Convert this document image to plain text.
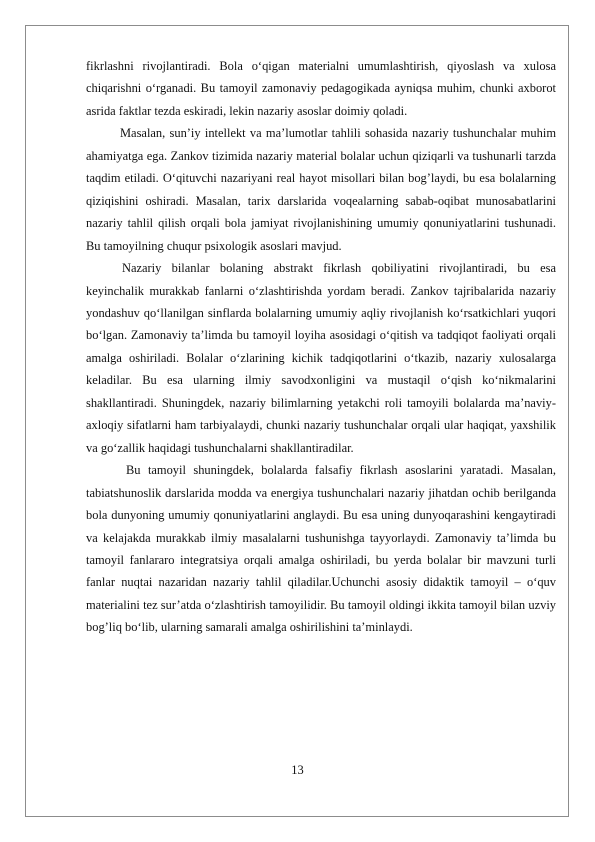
fikrlashni rivojlantiradi. Bola o‘qigan materialni umumlashtirish, qiyoslash va xulosa chiqarishni o‘rganadi. Bu tamoyil zamonaviy pedagogikada ayniqsa muhim, chunki axborot asrida faktlar tezda eskiradi, lekin nazariy asoslar doimiy qoladi.

Masalan, sun’iy intellekt va ma’lumotlar tahlili sohasida nazariy tushunchalar muhim ahamiyatga ega. Zankov tizimida nazariy material bolalar uchun qiziqarli va tushunarli tarzda taqdim etiladi. O‘qituvchi nazariyani real hayot misollari bilan bog’laydi, bu esa bolalarning qiziqishini oshiradi. Masalan, tarix darslarida voqealarning sabab-oqibat munosabatlarini nazariy tahlil qilish orqali bola jamiyat rivojlanishining umumiy qonuniyatlarini tushunadi. Bu tamoyilning chuqur psixologik asoslari mavjud.

Nazariy bilanlar bolaning abstrakt fikrlash qobiliyatini rivojlantiradi, bu esa keyinchalik murakkab fanlarni o‘zlashtirishda yordam beradi. Zankov tajribalarida nazariy yondashuv qo‘llanilgan sinflarda bolalarning umumiy aqliy rivojlanish ko‘rsatkichlari yuqori bo‘lgan. Zamonaviy ta’limda bu tamoyil loyiha asosidagi o‘qitish va tadqiqot faoliyati orqali amalga oshiriladi. Bolalar o‘zlarining kichik tadqiqotlarini o‘tkazib, nazariy xulosalarga keladilar. Bu esa ularning ilmiy savodxonligini va mustaqil o‘qish ko‘nikmalarini shakllantiradi. Shuningdek, nazariy bilimlarning yetakchi roli tamoyili bolalarda ma’naviy-axloqiy sifatlarni ham tarbiyalaydi, chunki nazariy tushunchalar orqali ular haqiqat, yaxshilik va go‘zallik haqidagi tushunchalarni shakllantiradilar.

Bu tamoyil shuningdek, bolalarda falsafiy fikrlash asoslarini yaratadi. Masalan, tabiatshunoslik darslarida modda va energiya tushunchalari nazariy jihatdan ochib berilganda bola dunyoning umumiy qonuniyatlarini anglaydi. Bu esa uning dunyoqarashini kengaytiradi va kelajakda murakkab ilmiy masalalarni tushunishga tayyorlaydi. Zamonaviy ta’limda bu tamoyil fanlararo integratsiya orqali amalga oshiriladi, bu yerda bolalar bir mavzuni turli fanlar nuqtai nazaridan nazariy tahlil qiladilar.Uchunchi asosiy didaktik tamoyil – o‘quv materialini tez sur’atda o‘zlashtirish tamoyilidir. Bu tamoyil oldingi ikkita tamoyil bilan uzviy bog’liq bo‘lib, ularning samarali amalga oshirilishini ta’minlaydi.

13
